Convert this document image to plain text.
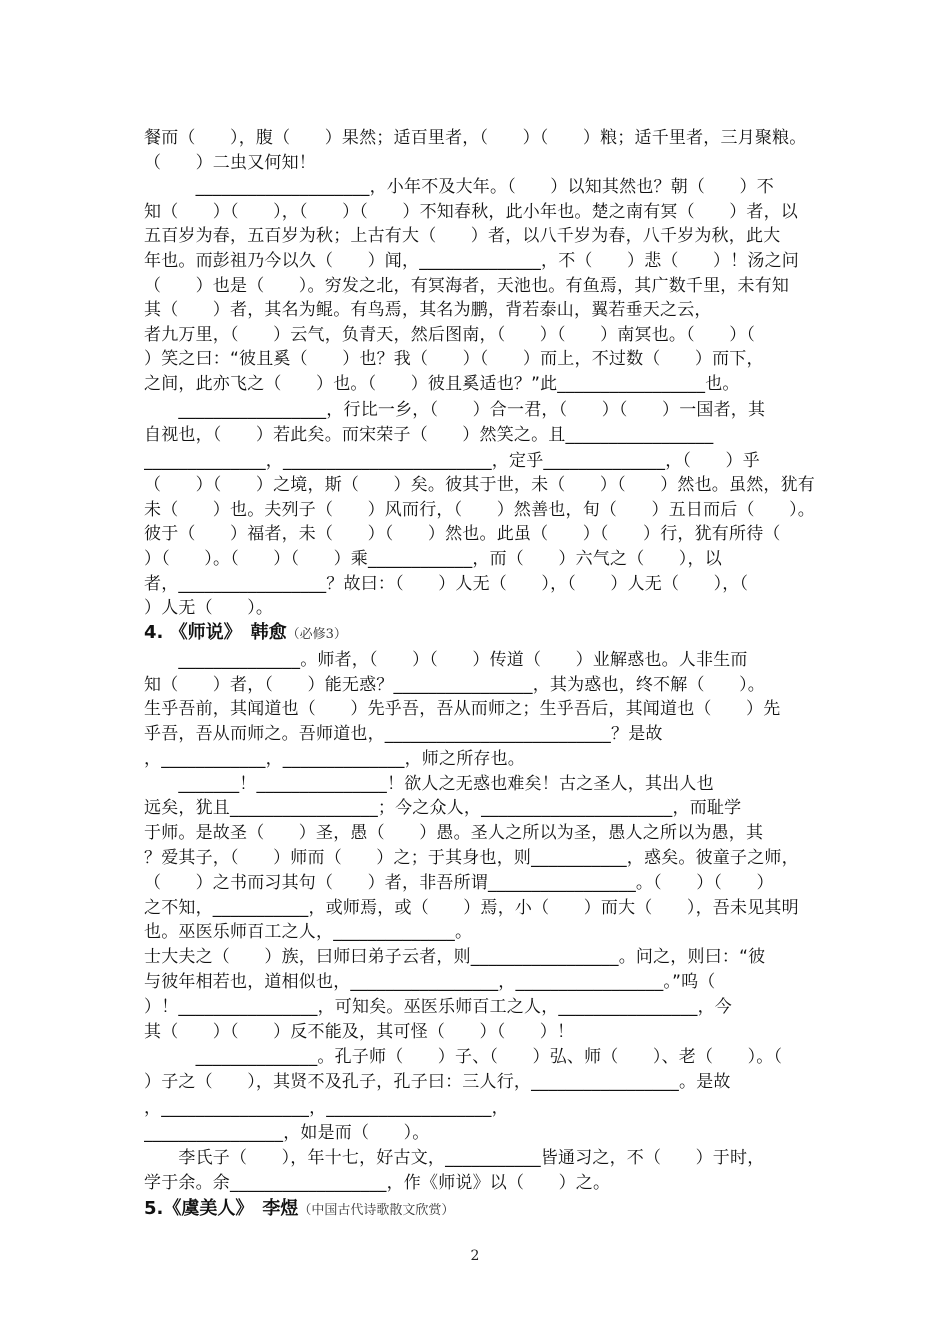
餐而（　　），腹（　　）果然；适百里者，（　　）（　　）粮；适千里者，三月聚粮。
（　　）二虫又何知！
　　　____________________，小年不及大年。（　　）以知其然也？朝（　　）不
知（　　）（　　），（　　）（　　）不知春秋，此小年也。楚之南有冥（　　）者，以
五百岁为春，五百岁为秋；上古有大（　　）者，以八千岁为春，八千岁为秋，此大
年也。而彭祖乃今以久（　　）闻，______________，不（　　）悲（　　）！汤之问
（　　）也是（　　）。穷发之北，有冥海者，天池也。有鱼焉，其广数千里，未有知
其（　　）者，其名为鲲。有鸟焉，其名为鹏，背若泰山，翼若垂天之云，
者九万里，（　　）云气，负青天，然后图南，（　　）（　　）南冥也。（　　）（
）笑之曰：“彼且奚（　　）也？我（　　）（　　）而上，不过数（　　）而下，
之间，此亦飞之（　　）也。（　　）彼且奚适也？”此_________________也。
　　_________________，行比一乡，（　　）合一君，（　　）（　　）一国者，其
自视也，（　　）若此矣。而宋荣子（　　）然笑之。且_________________
______________，________________________，定乎______________，（　　）乎
（　　）（　　）之境，斯（　　）矣。彼其于世，未（　　）（　　）然也。虽然，犹有
未（　　）也。夫列子（　　）风而行，（　　）然善也，旬（　　）五日而后（　　）。
彼于（　　）福者，未（　　）（　　）然也。此虽（　　）（　　）行，犹有所待（
）（　　）。（　　）（　　）乘____________，而（　　）六气之（　　），以
者，_________________？故曰：（　　）人无（　　），（　　）人无（　　），（
）人无（　　）。
4. 《师说》　韩愈（必修3）
　　______________。师者，（　　）（　　）传道（　　）业解惑也。人非生而
知（　　）者，（　　）能无惑？________________，其为惑也，终不解（　　）。
生乎吾前，其闻道也（　　）先乎吾，吾从而师之；生乎吾后，其闻道也（　　）先
乎吾，吾从而师之。吾师道也，__________________________？是故
，____________，______________，师之所存也。
　　_______！_______________！欲人之无惑也难矣！古之圣人，其出人也
远矣，犹且_________________；今之众人，______________________，而耻学
于师。是故圣（　　）圣，愚（　　）愚。圣人之所以为圣，愚人之所以为愚，其
？爱其子，（　　）师而（　　）之；于其身也，则___________，惑矣。彼童子之师，
（　　）之书而习其句（　　）者，非吾所谓_________________。（　　）（　　）
之不知，___________，或师焉，或（　　）焉，小（　　）而大（　　），吾未见其明
也。巫医乐师百工之人，______________。
士大夫之（　　）族，曰师曰弟子云者，则_________________。问之，则曰：“彼
与彼年相若也，道相似也，_________________，_________________。”呜（
）！________________，可知矣。巫医乐师百工之人，________________，今
其（　　）（　　）反不能及，其可怪（　　）（　　）！
　　　______________。孔子师（　　）子、（　　）弘、师（　　）、老（　　）。（
）子之（　　），其贤不及孔子，孔子曰：三人行，_________________。是故
，_________________，___________________，
________________，如是而（　　）。
　　李氏子（　　），年十七，好古文，___________皆通习之，不（　　）于时，
学于余。余__________________，作《师说》以（　　）之。
5.《虞美人》　李煜（中国古代诗歌散文欣赏）
2
